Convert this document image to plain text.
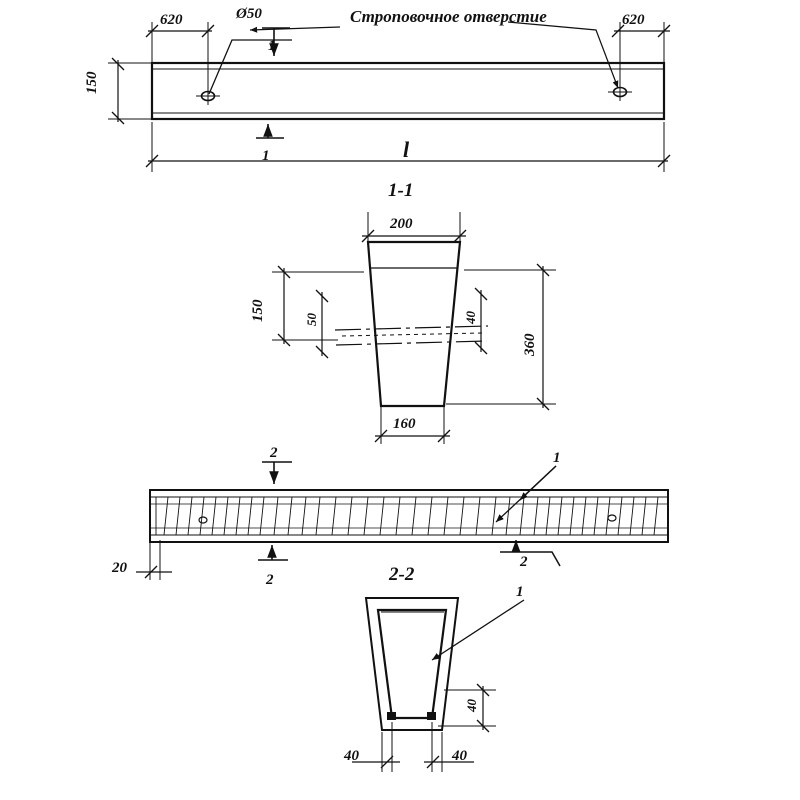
Ø50	Строповочное отверстие
620	620
150
l
1
1
1-1
200
160
150	50	40
360
1
2
2
2
20	2-2
1
40
40	40
